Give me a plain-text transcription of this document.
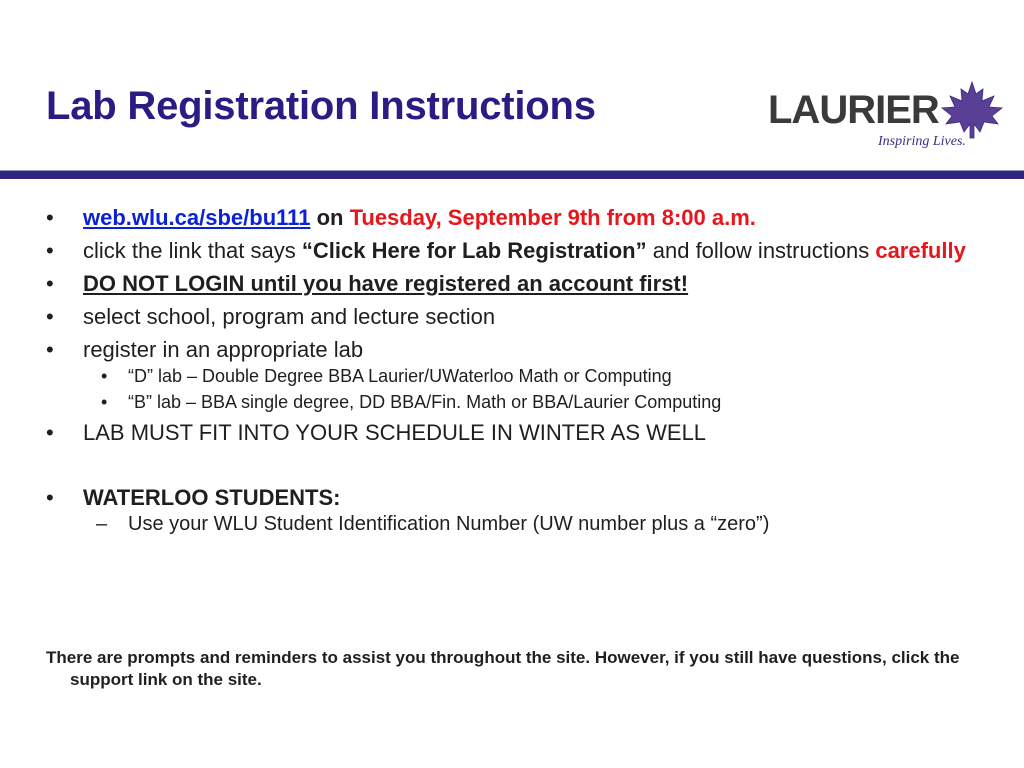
Lab Registration Instructions	LAURIER
Inspiring Lives.
• web.wlu.ca/sbe/bu111 on Tuesday, September 9th from 8:00 a.m.
• click the link that says “Click Here for Lab Registration” and follow instructions carefully
• DO NOT LOGIN until you have registered an account first!
• select school, program and lecture section
• register in an appropriate lab
• “D” lab – Double Degree BBA Laurier/UWaterloo Math or Computing
• “B” lab – BBA single degree, DD BBA/Fin. Math or BBA/Laurier Computing
• LAB MUST FIT INTO YOUR SCHEDULE IN WINTER AS WELL
• WATERLOO STUDENTS:
– Use your WLU Student Identification Number (UW number plus a “zero”)
There are prompts and reminders to assist you throughout the site. However, if you still have questions, click the support link on the site.
